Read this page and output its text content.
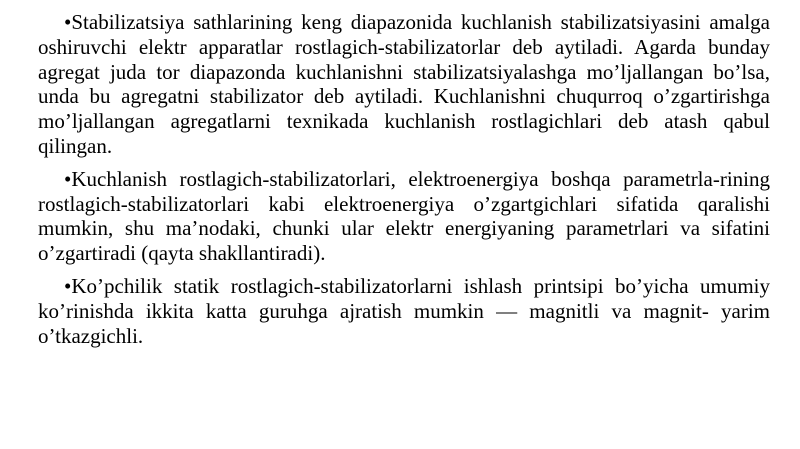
•Stabilizatsiya sathlarining keng diapazonida kuchlanish stabilizatsiyasini amalga oshiruvchi elektr apparatlar rostlagich-stabilizatorlar deb aytiladi. Agarda bunday agregat juda tor diapazonda kuchlanishni stabilizatsiyalashga mo’ljallangan bo’lsa, unda bu agregatni stabilizator deb aytiladi. Kuchlanishni chuqurroq o’zgartirishga mo’ljallangan agregatlarni texnikada kuchlanish rostlagichlari deb atash qabul qilingan.

•Kuchlanish rostlagich-stabilizatorlari, elektroenergiya boshqa parametrla-rining rostlagich-stabilizatorlari kabi elektroenergiya o’zgartgichlari sifatida qaralishi mumkin, shu ma’nodaki, chunki ular elektr energiyaning parametrlari va sifatini o’zgartiradi (qayta shakllantiradi).

•Ko’pchilik statik rostlagich-stabilizatorlarni ishlash printsipi bo’yicha umumiy ko’rinishda ikkita katta guruhga ajratish mumkin — magnitli va magnit- yarim o’tkazgichli.
